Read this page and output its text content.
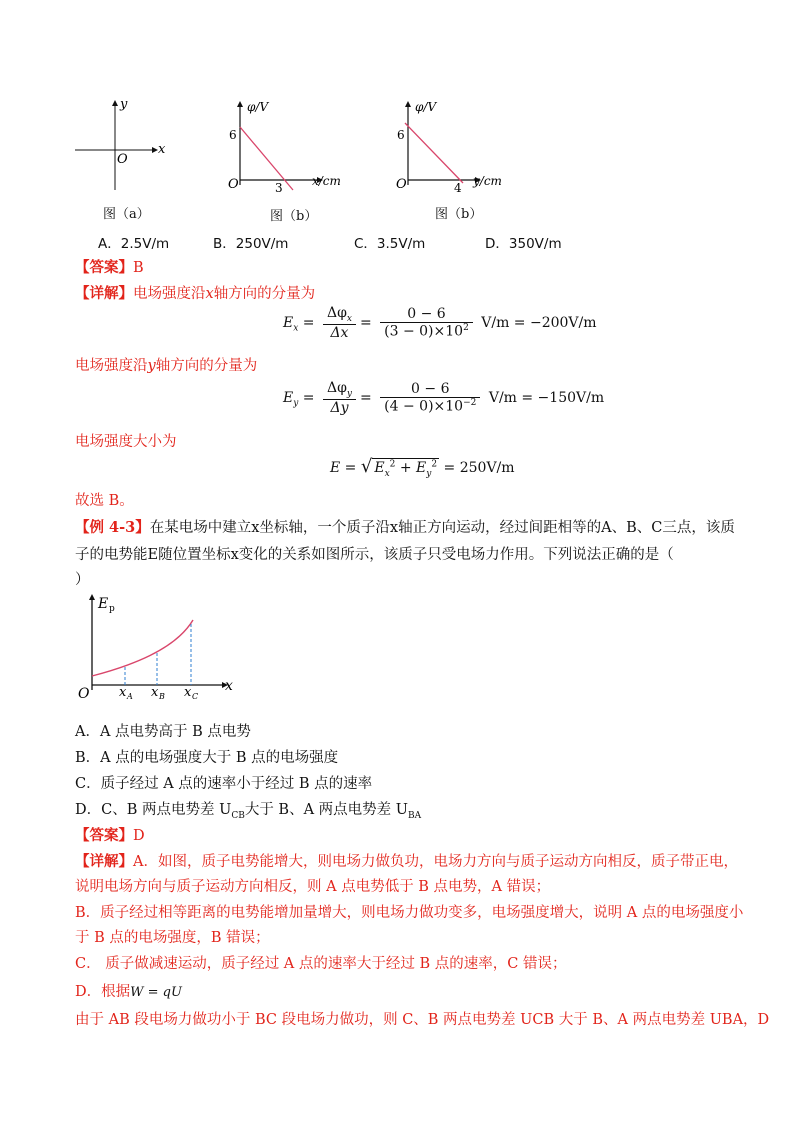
y
x
O
图（a）
φ/V
6
O	3 x/cm
图（b）
φ/V
6
O	4 y/cm
图（b）
A．2.5V/m	B．250V/m	C．3.5V/m	D．350V/m
【答案】B
【详解】电场强度沿x轴方向的分量为
$E_x = \frac{\Delta\varphi_x}{\Delta x} = \frac{0 - 6}{(3 - 0)\times 10^2} V/m = -200V/m$
电场强度沿y轴方向的分量为
$E_y = \frac{\Delta\varphi_y}{\Delta y} = \frac{0 - 6}{(4 - 0)\times 10^{-2}} V/m = -150V/m$
电场强度大小为
E = √ $E_x^2 + E_y^2 = 250V/m$
故选 B。
【例 4-3】在某电场中建立x坐标轴，一个质子沿x轴正方向运动，经过间距相等的A、B、C三点，该质
子的电势能E随位置坐标x变化的关系如图所示，该质子只受电场力作用。下列说法正确的是（
）
E p
O	x
x A x B x C
A．A 点电势高于 B 点电势
B．A 点的电场强度大于 B 点的电场强度
C．质子经过 A 点的速率小于经过 B 点的速率
D．C、B 两点电势差 $U_{CB}$大于 B、A 两点电势差 $U_{BA}$
【答案】D
【详解】A．如图，质子电势能增大，则电场力做负功，电场力方向与质子运动方向相反，质子带正电，
说明电场方向与质子运动方向相反，则 A 点电势低于 B 点电势，A 错误；
B．质子经过相等距离的电势能增加量增大，则电场力做功变多，电场强度增大，说明 A 点的电场强度小
于 B 点的电场强度，B 错误；
C． 质子做减速运动，质子经过 A 点的速率大于经过 B 点的速率，C 错误；
D．根据W = qU
由于 AB 段电场力做功小于 BC 段电场力做功，则 C、B 两点电势差 UCB 大于 B、A 两点电势差 UBA，D
